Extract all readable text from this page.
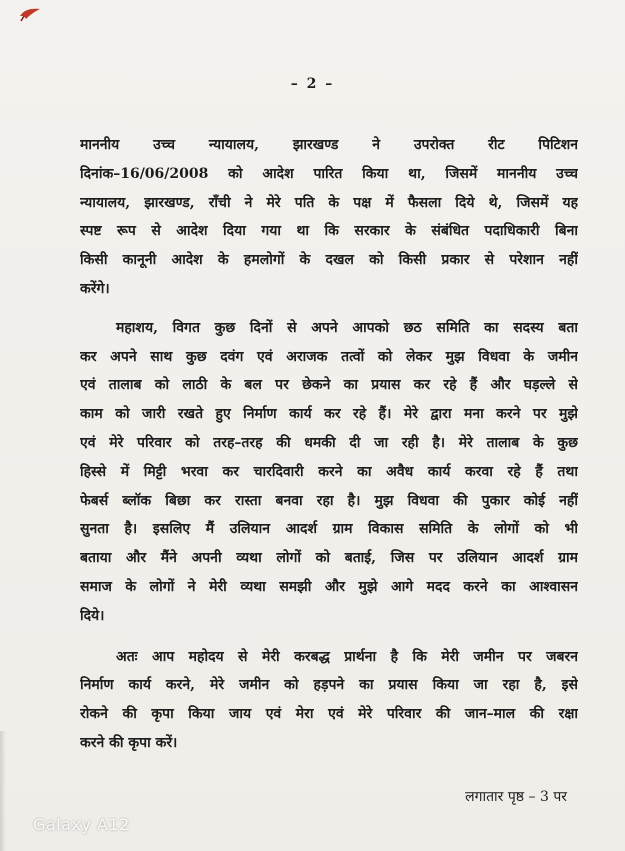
– 2 –

माननीय उच्च न्यायालय, झारखण्ड ने उपरोक्त रीट पिटिशन
दिनांक–16/06/2008 को आदेश पारित किया था, जिसमें माननीय उच्च
न्यायालय, झारखण्ड, राँची ने मेरे पति के पक्ष में फैसला दिये थे, जिसमें यह
स्पष्ट रूप से आदेश दिया गया था कि सरकार के संबंधित पदाधिकारी बिना
किसी कानूनी आदेश के हमलोगों के दखल को किसी प्रकार से परेशान नहीं
करेंगे।

महाशय, विगत कुछ दिनों से अपने आपको छठ समिति का सदस्य बता
कर अपने साथ कुछ दवंग एवं अराजक तत्वों को लेकर मुझ विधवा के जमीन
एवं तालाब को लाठी के बल पर छेकने का प्रयास कर रहे हैं और घड़ल्ले से
काम को जारी रखते हुए निर्माण कार्य कर रहे हैं। मेरे द्वारा मना करने पर मुझे
एवं मेरे परिवार को तरह–तरह की धमकी दी जा रही है। मेरे तालाब के कुछ
हिस्से में मिट्टी भरवा कर चारदिवारी करने का अवैध कार्य करवा रहे हैं तथा
फेबर्स ब्लॉक बिछा कर रास्ता बनवा रहा है। मुझ विधवा की पुकार कोई नहीं
सुनता है। इसलिए मैं उलियान आदर्श ग्राम विकास समिति के लोगों को भी
बताया और मैंने अपनी व्यथा लोगों को बताई, जिस पर उलियान आदर्श ग्राम
समाज के लोगों ने मेरी व्यथा समझी और मुझे आगे मदद करने का आश्वासन
दिये।

अतः आप महोदय से मेरी करबद्ध प्रार्थना है कि मेरी जमीन पर जबरन
निर्माण कार्य करने, मेरे जमीन को हड़पने का प्रयास किया जा रहा है, इसे
रोकने की कृपा किया जाय एवं मेरा एवं मेरे परिवार की जान–माल की रक्षा
करने की कृपा करें।

लगातार पृष्ठ – 3 पर
Galaxy A12
